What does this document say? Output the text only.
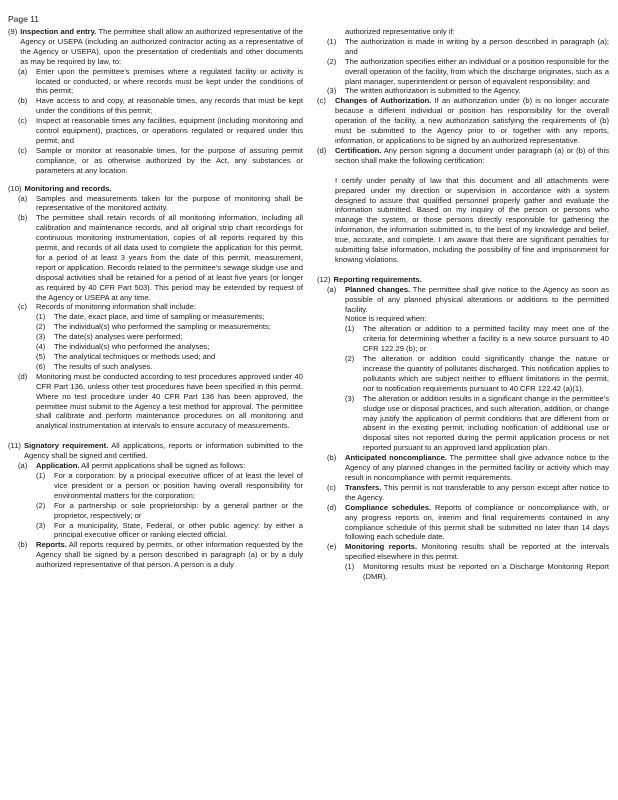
Page 11
(9) Inspection and entry. The permittee shall allow an authorized representative of the Agency or USEPA (including an authorized contractor acting as a representative of the Agency or USEPA), upon the presentation of credentials and other documents as may be required by law, to:
(a)	Enter upon the permittee's premises where a regulated facility or activity is located or conducted, or where records must be kept under the conditions of this permit;
(b)	Have access to and copy, at reasonable times, any records that must be kept under the conditions of this permit;
(c)	Inspect at reasonable times any facilities, equipment (including monitoring and control equipment), practices, or operations regulated or required under this permit; and
(c)	Sample or monitor at reasonable times, for the purpose of assuring permit compliance, or as otherwise authorized by the Act, any substances or parameters at any location.
(10) Monitoring and records.
(a)	Samples and measurements taken for the purpose of monitoring shall be representative of the monitored activity.
(b)	The permittee shall retain records of all monitoring information, including all calibration and maintenance records, and all original strip chart recordings for continuous monitoring instrumentation, copies of all reports required by this permit, and records of all data used to complete the application for this permit, for a period of at least 3 years from the date of this permit, measurement, report or application. Records related to the permittee's sewage sludge use and disposal activities shall be retained for a period of at least five years (or longer as required by 40 CFR Part 503). This period may be extended by request of the Agency or USEPA at any time.
(c)	Records of monitoring information shall include:
(1)	The date, exact place, and time of sampling or measurements;
(2)	The individual(s) who performed the sampling or measurements;
(3)	The date(s) analyses were performed;
(4)	The individual(s) who performed the analyses;
(5)	The analytical techniques or methods used; and
(6)	The results of such analyses.
(d)	Monitoring must be conducted according to test procedures approved under 40 CFR Part 136, unless other test procedures have been specified in this permit. Where no test procedure under 40 CFR Part 136 has been approved, the permittee must submit to the Agency a test method for approval. The permittee shall calibrate and perform maintenance procedures on all monitoring and analytical instrumentation at intervals to ensure accuracy of measurements.
(11) Signatory requirement. All applications, reports or information submitted to the Agency shall be signed and certified.
(a)	Application. All permit applications shall be signed as follows:
(1)	For a corporation: by a principal executive officer of at least the level of vice president or a person or position having overall responsibility for environmental matters for the corporation;
(2)	For a partnership or sole proprietorship: by a general partner or the proprietor, respectively; or
(3)	For a municipality, State, Federal, or other public agency: by either a principal executive officer or ranking elected official.
(b)	Reports. All reports required by permits, or other information requested by the Agency shall be signed by a person described in paragraph (a) or by a duly authorized representative of that person. A person is a duly

authorized representative only if:

(1)	The authorization is made in writing by a person described in paragraph (a); and
(2)	The authorization specifies either an individual or a position responsible for the overall operation of the facility, from which the discharge originates, such as a plant manager, superintendent or person of equivalent responsibility; and
(3)	The written authorization is submitted to the Agency.
(c)	Changes of Authorization. If an authorization under (b) is no longer accurate because a different individual or position has responsibility for the overall operation of the facility, a new authorization satisfying the requirements of (b) must be submitted to the Agency prior to or together with any reports, information, or applications to be signed by an authorized representative.
(d)	Certification. Any person signing a document under paragraph (a) or (b) of this section shall make the following certification:

I certify under penalty of law that this document and all attachments were prepared under my direction or supervision in accordance with a system designed to assure that qualified personnel properly gather and evaluate the information submitted. Based on my inquiry of the person or persons who manage the system, or those persons directly responsible for gathering the information, the information submitted is, to the best of my knowledge and belief, true, accurate, and complete. I am aware that there are significant penalties for submitting false information, including the possibility of fine and imprisonment for knowing violations.

(12) Reporting requirements.
(a)	Planned changes. The permittee shall give notice to the Agency as soon as possible of any planned physical alterations or additions to the permitted facility.

Notice is required when:

(1)	The alteration or addition to a permitted facility may meet one of the criteria for determining whether a facility is a new source pursuant to 40 CFR 122.29 (b); or
(2)	The alteration or addition could significantly change the nature or increase the quantity of pollutants discharged. This notification applies to pollutants which are subject neither to effluent limitations in the permit, nor to notification requirements pursuant to 40 CFR 122.42 (a)(1).
(3)	The alteration or addition results in a significant change in the permittee's sludge use or disposal practices, and such alteration, addition, or change may justify the application of permit conditions that are different from or absent in the existing permit, including notification of additional use or disposal sites not reported during the permit application process or not reported pursuant to an approved land application plan.
(b)	Anticipated noncompliance. The permittee shall give advance notice to the Agency of any planned changes in the permitted facility or activity which may result in noncompliance with permit requirements.
(c)	Transfers. This permit is not transferable to any person except after notice to the Agency.
(d)	Compliance schedules. Reports of compliance or noncompliance with, or any progress reports on, interim and final requirements contained in any compliance schedule of this permit shall be submitted no later than 14 days following each schedule date.
(e)	Monitoring reports. Monitoring results shall be reported at the intervals specified elsewhere in this permit.
(1)	Monitoring results must be reported on a Discharge Monitoring Report (DMR).
